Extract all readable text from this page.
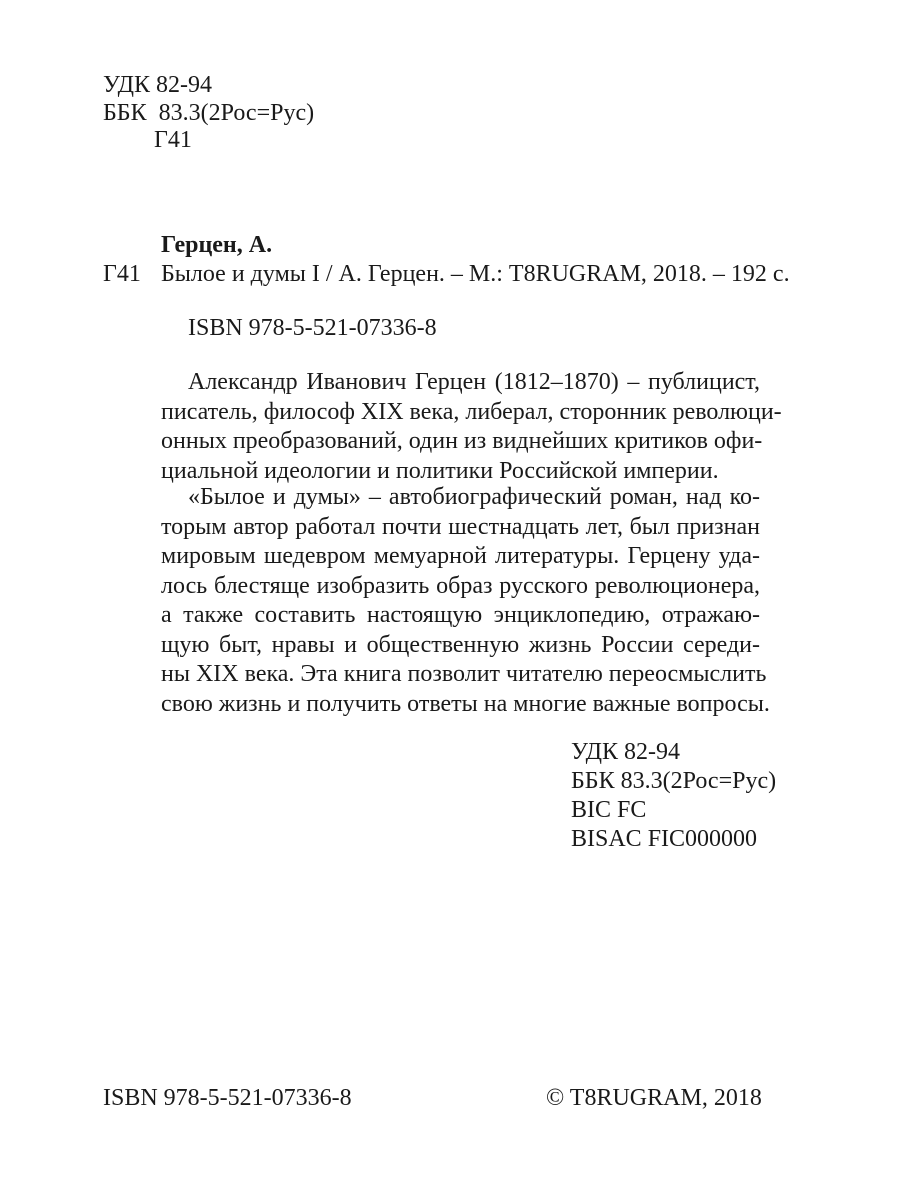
УДК 82-94
ББК  83.3(2Рос=Рус)
Г41
Герцен, А.
Г41 Былое и думы I / А. Герцен. – М.: T8RUGRAM, 2018. – 192 с.
ISBN 978-5-521-07336-8
Александр Иванович Герцен (1812–1870) – публицист,
писатель, философ XIX века, либерал, сторонник революци-
онных преобразований, один из виднейших критиков офи-
циальной идеологии и политики Российской империи.
«Былое и думы» – автобиографический роман, над ко-
торым автор работал почти шестнадцать лет, был признан
мировым шедевром мемуарной литературы. Герцену уда-
лось блестяще изобразить образ русского революционера,
а также составить настоящую энциклопедию, отражаю-
щую быт, нравы и общественную жизнь России середи-
ны XIX века. Эта книга позволит читателю переосмыслить
свою жизнь и получить ответы на многие важные вопросы.
УДК 82-94
ББК 83.3(2Рос=Рус)
BIC FC
BISAC FIC000000
ISBN 978-5-521-07336-8	© T8RUGRAM, 2018
